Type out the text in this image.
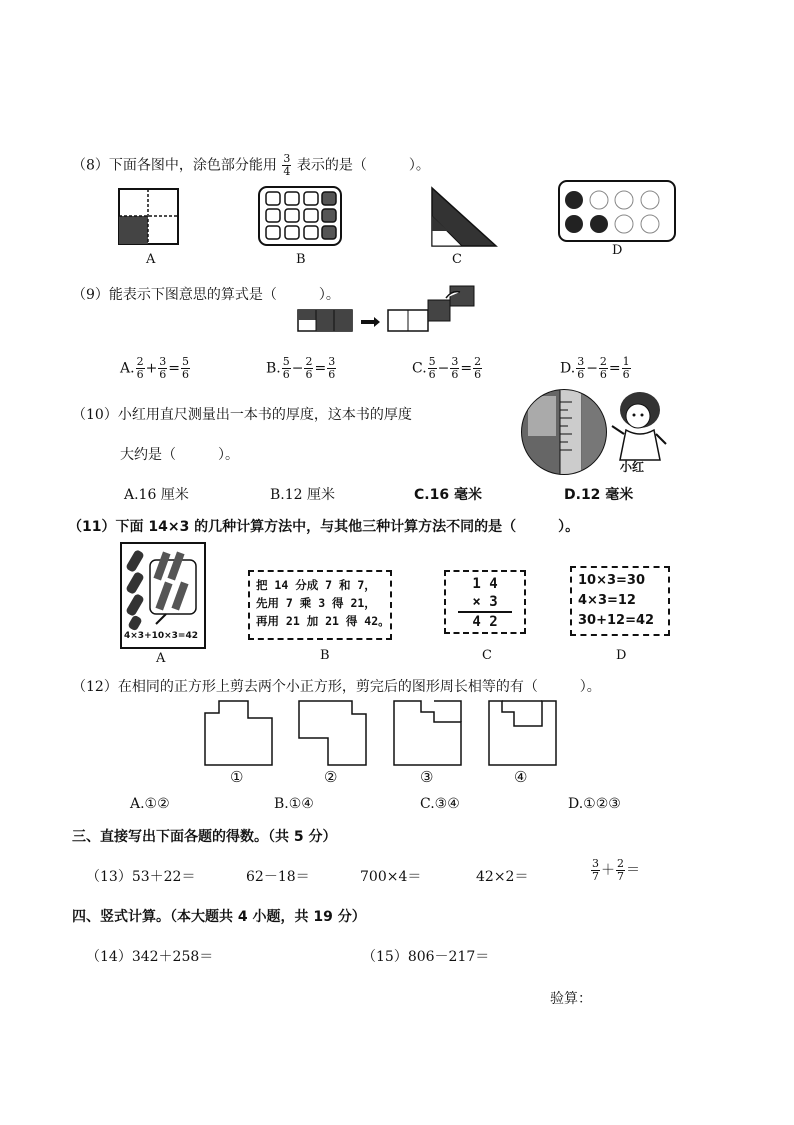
（8）下面各图中，涂色部分能用 $\frac{3}{4}$ 表示的是（　　　）。
A	B	C
D
（9）能表示下图意思的算式是（　　　）。
A. $\frac{2}{6} + \frac{3}{6} = \frac{5}{6}$	B. $\frac{5}{6} - \frac{2}{6} = \frac{3}{6}$	C. $\frac{5}{6} - \frac{3}{6} = \frac{2}{6}$	D. $\frac{3}{6} - \frac{2}{6} = \frac{1}{6}$
（10）小红用直尺测量出一本书的厚度，这本书的厚度
大约是（　　　）。
小红
A.16 厘米	B.12 厘米	C.16 毫米	D.12 毫米
（11）下面 14×3 的几种计算方法中，与其他三种计算方法不同的是（　　　）。
4×3+10×3=42
A
把 14 分成 7 和 7，
先用 7 乘 3 得 21，
再用 21 加 21 得 42。
B
1 4
× 3
4 2
C
10×3=30
4×3=12
30+12=42
D
（12）在相同的正方形上剪去两个小正方形，剪完后的图形周长相等的有（　　　）。
①	②	③	④
A.①②	B.①④	C.③④	D.①②③
三、直接写出下面各题的得数。（共 5 分）
（13）53＋22＝	62－18＝	700×4＝	42×2＝	$\frac{3}{7} + \frac{2}{7}$ ＝
四、竖式计算。（本大题共 4 小题，共 19 分）
（14）342＋258＝	（15）806－217＝
验算：
